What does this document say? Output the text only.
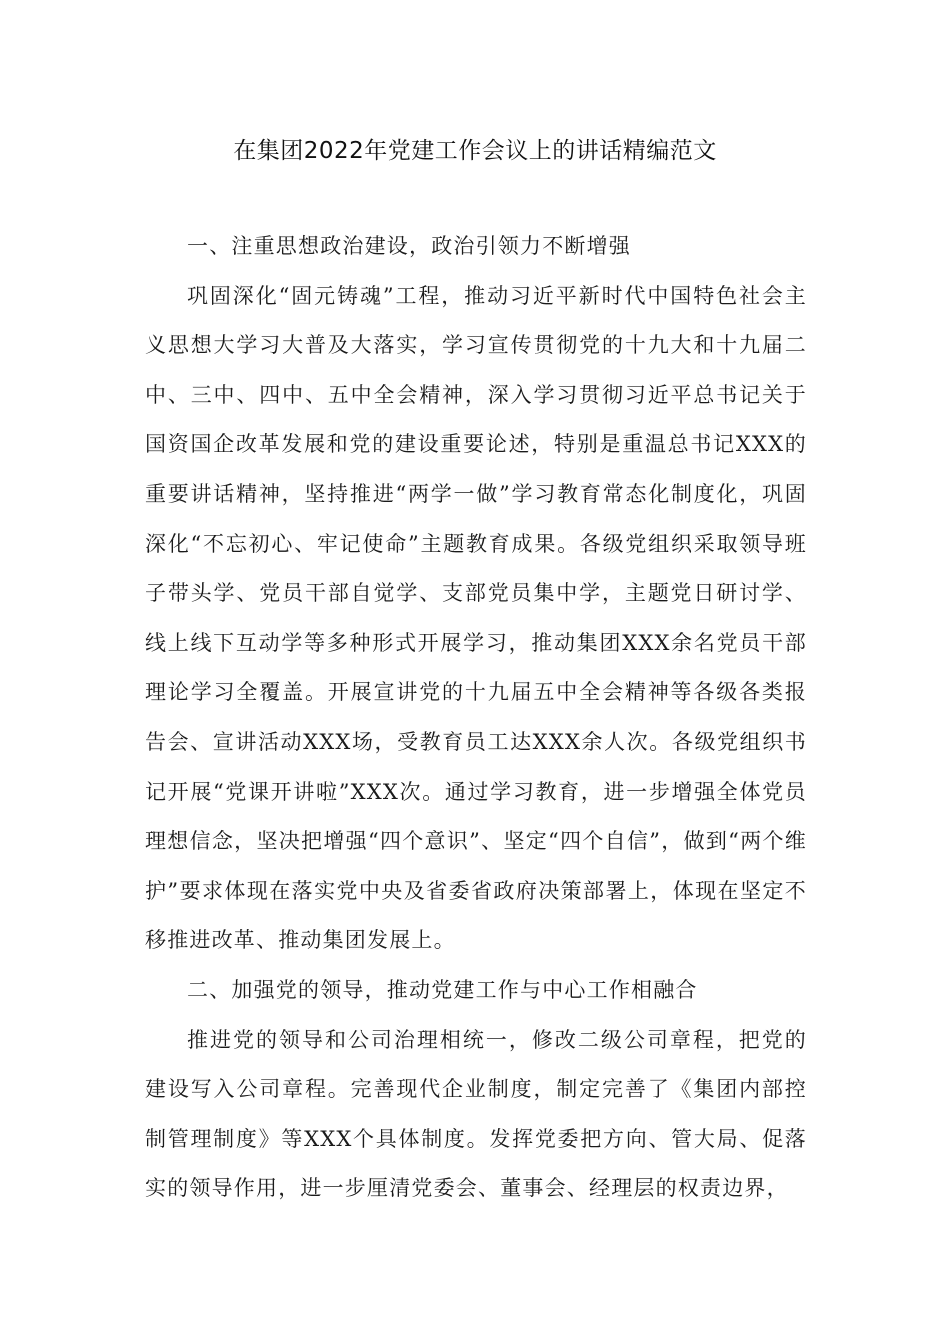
在集团2022年党建工作会议上的讲话精编范文

一、注重思想政治建设，政治引领力不断增强

巩固深化“固元铸魂”工程，推动习近平新时代中国特色社会主义思想大学习大普及大落实，学习宣传贯彻党的十九大和十九届二中、三中、四中、五中全会精神，深入学习贯彻习近平总书记关于国资国企改革发展和党的建设重要论述，特别是重温总书记XXX的重要讲话精神，坚持推进“两学一做”学习教育常态化制度化，巩固深化“不忘初心、牢记使命”主题教育成果。各级党组织采取领导班子带头学、党员干部自觉学、支部党员集中学，主题党日研讨学、线上线下互动学等多种形式开展学习，推动集团XXX余名党员干部理论学习全覆盖。开展宣讲党的十九届五中全会精神等各级各类报告会、宣讲活动XXX场，受教育员工达XXX余人次。各级党组织书记开展“党课开讲啦”XXX次。通过学习教育，进一步增强全体党员理想信念，坚决把增强“四个意识”、坚定“四个自信”，做到“两个维护”要求体现在落实党中央及省委省政府决策部署上，体现在坚定不移推进改革、推动集团发展上。

二、加强党的领导，推动党建工作与中心工作相融合

推进党的领导和公司治理相统一，修改二级公司章程，把党的建设写入公司章程。完善现代企业制度，制定完善了《集团内部控制管理制度》等XXX个具体制度。发挥党委把方向、管大局、促落实的领导作用，进一步厘清党委会、董事会、经理层的权责边界，
